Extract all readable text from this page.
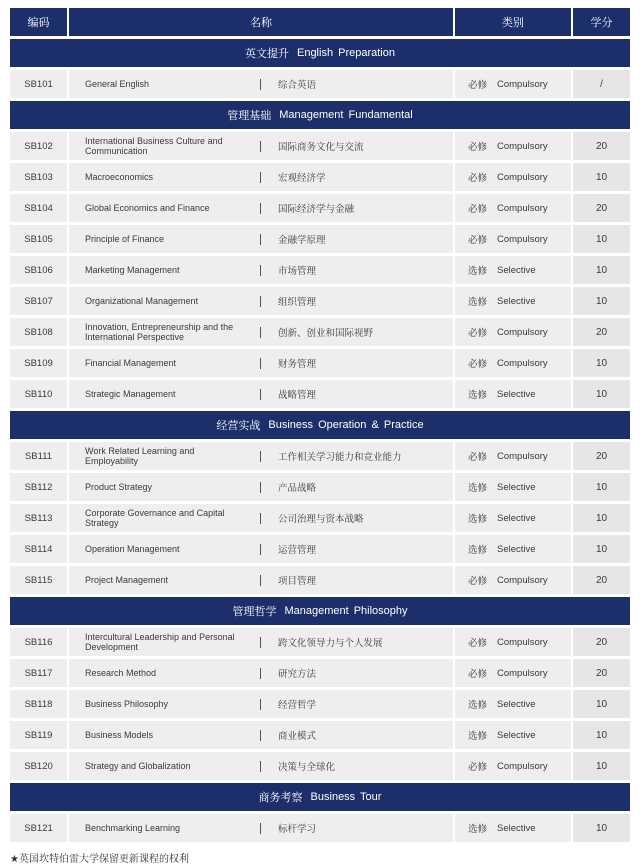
编码	名称	类别	学分
英文提升 English Preparation
SB101	General English	综合英语	必修 Compulsory	/
管理基础 Management Fundamental
SB102	International Business Culture and Communication	国际商务文化与交流	必修 Compulsory	20
SB103	Macroeconomics	宏观经济学	必修 Compulsory	10
SB104	Global Economics and Finance	国际经济学与金融	必修 Compulsory	20
SB105	Principle of Finance	金融学原理	必修 Compulsory	10
SB106	Marketing Management	市场管理	选修 Selective	10
SB107	Organizational Management	组织管理	选修 Selective	10
SB108	Innovation, Entrepreneurship and the International Perspective	创新、创业和国际视野	必修 Compulsory	20
SB109	Financial Management	财务管理	必修 Compulsory	10
SB110	Strategic Management	战略管理	选修 Selective	10
经营实战 Business Operation & Practice
SB111	Work Related Learning and Employability	工作相关学习能力和竞业能力	必修 Compulsory	20
SB112	Product Strategy	产品战略	选修 Selective	10
SB113	Corporate Governance and Capital Strategy	公司治理与资本战略	选修 Selective	10
SB114	Operation Management	运营管理	选修 Selective	10
SB115	Project Management	项目管理	必修 Compulsory	20
管理哲学 Management Philosophy
SB116	Intercultural Leadership and Personal Development	跨文化领导力与个人发展	必修 Compulsory	20
SB117	Research Method	研究方法	必修 Compulsory	20
SB118	Business Philosophy	经营哲学	选修 Selective	10
SB119	Business Models	商业模式	选修 Selective	10
SB120	Strategy and Globalization	决策与全球化	必修 Compulsory	10
商务考察 Business Tour
SB121	Benchmarking Learning	标杆学习	选修 Selective	10
★英国坎特伯雷大学保留更新课程的权利
